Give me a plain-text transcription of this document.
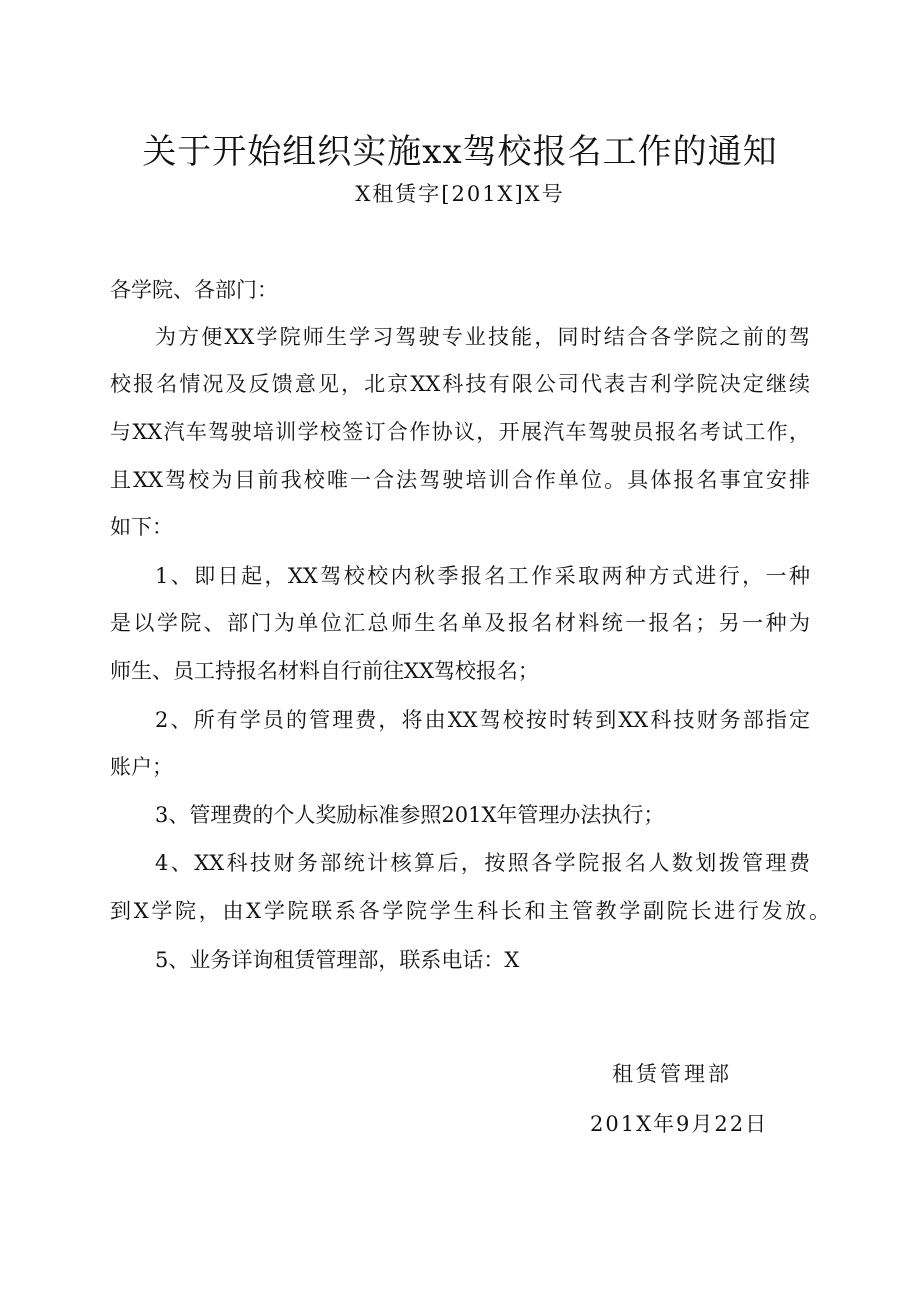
关于开始组织实施xx驾校报名工作的通知
X租赁字[201X]X号
各学院、各部门：
为方便XX学院师生学习驾驶专业技能，同时结合各学院之前的驾
校报名情况及反馈意见，北京XX科技有限公司代表吉利学院决定继续
与XX汽车驾驶培训学校签订合作协议，开展汽车驾驶员报名考试工作，
且XX驾校为目前我校唯一合法驾驶培训合作单位。具体报名事宜安排
如下：
1、即日起，XX驾校校内秋季报名工作采取两种方式进行，一种
是以学院、部门为单位汇总师生名单及报名材料统一报名；另一种为
师生、员工持报名材料自行前往XX驾校报名；
2、所有学员的管理费，将由XX驾校按时转到XX科技财务部指定
账户；
3、管理费的个人奖励标准参照201X年管理办法执行；
4、XX科技财务部统计核算后，按照各学院报名人数划拨管理费
到X学院，由X学院联系各学院学生科长和主管教学副院长进行发放。
5、业务详询租赁管理部，联系电话：X
租赁管理部
201X年9月22日
